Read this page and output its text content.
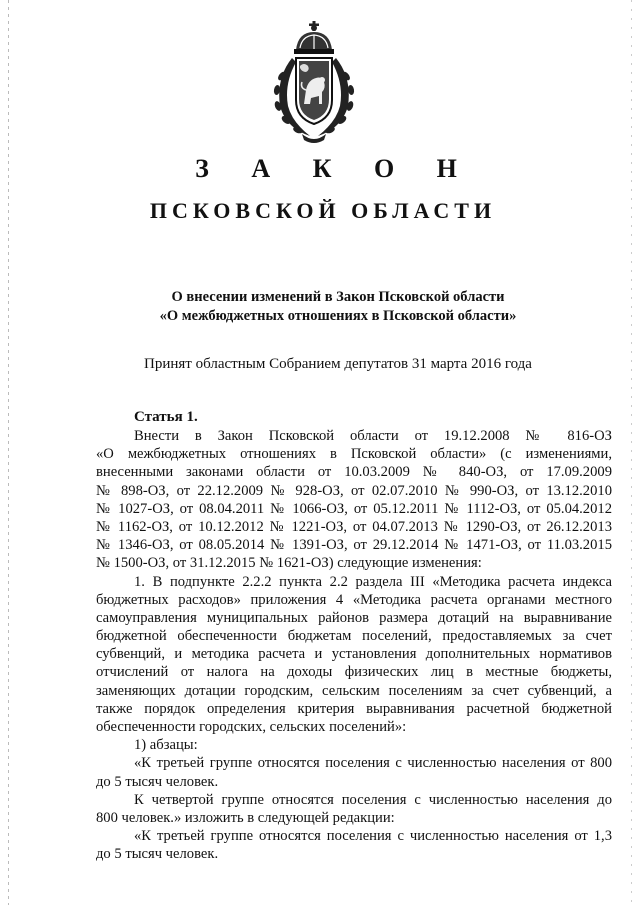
З А К О Н
ПСКОВСКОЙ ОБЛАСТИ
О внесении изменений в Закон Псковской области
«О межбюджетных отношениях в Псковской области»
Принят областным Собранием депутатов 31 марта 2016 года
Статья 1.
Внести в Закон Псковской области от 19.12.2008 № 816-ОЗ
«О межбюджетных отношениях в Псковской области» (с изменениями,
внесенными законами области от 10.03.2009 № 840-ОЗ, от 17.09.2009
№ 898-ОЗ, от 22.12.2009 № 928-ОЗ, от 02.07.2010 № 990-ОЗ, от 13.12.2010
№ 1027-ОЗ, от 08.04.2011 № 1066-ОЗ, от 05.12.2011 № 1112-ОЗ, от 05.04.2012
№ 1162-ОЗ, от 10.12.2012 № 1221-ОЗ, от 04.07.2013 № 1290-ОЗ, от 26.12.2013
№ 1346-ОЗ, от 08.05.2014 № 1391-ОЗ, от 29.12.2014 № 1471-ОЗ, от 11.03.2015
№ 1500-ОЗ, от 31.12.2015 № 1621-ОЗ) следующие изменения:
1. В подпункте 2.2.2 пункта 2.2 раздела III «Методика расчета индекса
бюджетных расходов» приложения 4 «Методика расчета органами местного
самоуправления муниципальных районов размера дотаций на выравнивание
бюджетной обеспеченности бюджетам поселений, предоставляемых за счет
субвенций, и методика расчета и установления дополнительных нормативов
отчислений от налога на доходы физических лиц в местные бюджеты,
заменяющих дотации городским, сельским поселениям за счет субвенций, а
также порядок определения критерия выравнивания расчетной бюджетной
обеспеченности городских, сельских поселений»:
1) абзацы:
«К третьей группе относятся поселения с численностью населения от 800
до 5 тысяч человек.
К четвертой группе относятся поселения с численностью населения до
800 человек.» изложить в следующей редакции:
«К третьей группе относятся поселения с численностью населения от 1,3
до 5 тысяч человек.
